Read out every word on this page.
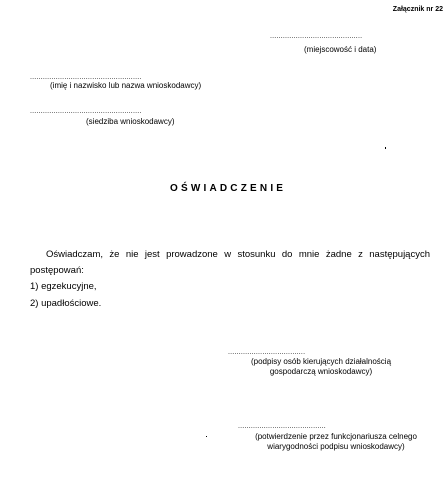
Załącznik nr 22
...........................................
(miejscowość i data)
....................................................
(imię i nazwisko lub nazwa wnioskodawcy)
....................................................
(siedziba wnioskodawcy)
OŚWIADCZENIE
Oświadczam, że nie jest prowadzone w stosunku do mnie żadne z następujących postępowań:
1) egzekucyjne,
2) upadłościowe.
....................................
(podpisy osób kierujących działalnością
gospodarczą wnioskodawcy)
.........................................
(potwierdzenie przez funkcjonariusza celnego
wiarygodności podpisu wnioskodawcy)
